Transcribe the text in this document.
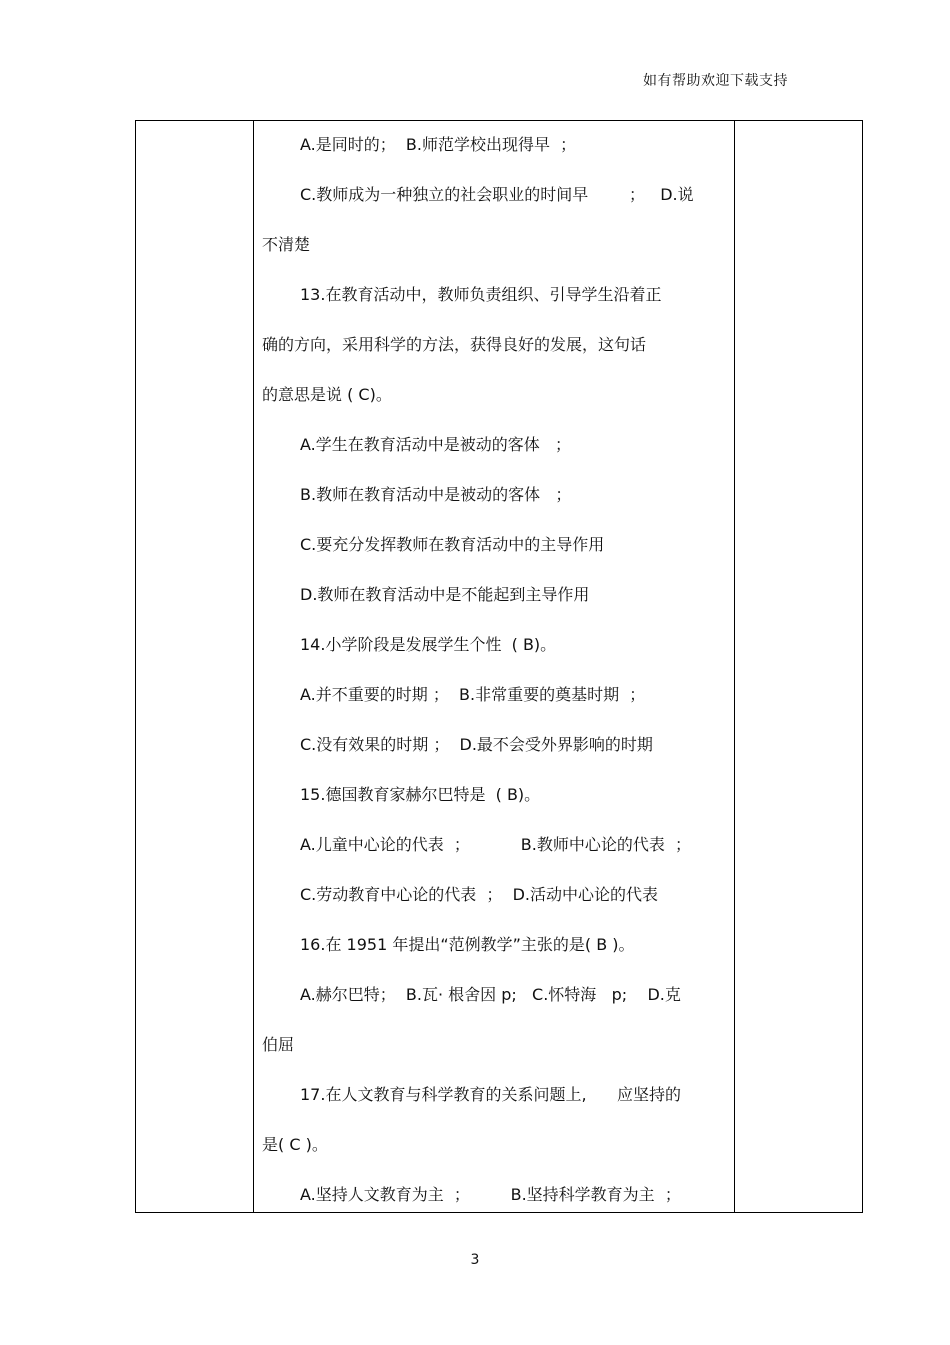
如有帮助欢迎下载支持
A.是同时的；  B.师范学校出现得早  ；
C.教师成为一种独立的社会职业的时间早        ；   D.说
不清楚
13.在教育活动中，教师负责组织、引导学生沿着正
确的方向，采用科学的方法，获得良好的发展，这句话
的意思是说 ( C)。
A.学生在教育活动中是被动的客体   ；
B.教师在教育活动中是被动的客体   ；
C.要充分发挥教师在教育活动中的主导作用
D.教师在教育活动中是不能起到主导作用
14.小学阶段是发展学生个性  ( B)。
A.并不重要的时期 ；  B.非常重要的奠基时期  ；
C.没有效果的时期 ；  D.最不会受外界影响的时期
15.德国教育家赫尔巴特是  ( B)。
A.儿童中心论的代表  ；          B.教师中心论的代表  ；
C.劳动教育中心论的代表  ；  D.活动中心论的代表
16.在 1951 年提出“范例教学”主张的是( B )。
A.赫尔巴特；  B.瓦· 根舍因 p;   C.怀特海   p;    D.克
伯屈
17.在人文教育与科学教育的关系问题上,      应坚持的
是( C )。
A.坚持人文教育为主  ；        B.坚持科学教育为主  ；
3
